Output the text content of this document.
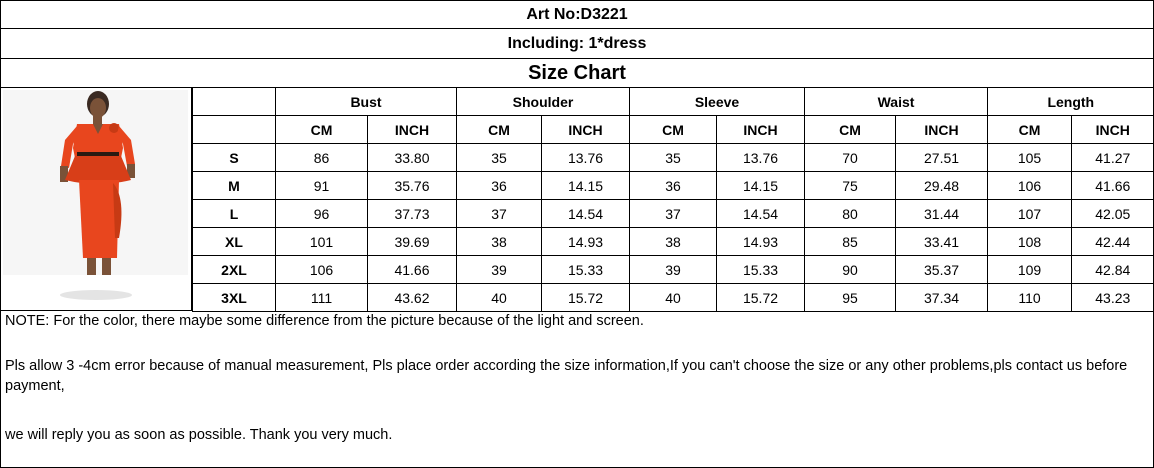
Art No:D3221
Including: 1*dress
Size Chart
	Bust		Shoulder		Sleeve		Waist		Length	
	CM	INCH	CM	INCH	CM	INCH	CM	INCH	CM	INCH
S	86	33.80	35	13.76	35	13.76	70	27.51	105	41.27
M	91	35.76	36	14.15	36	14.15	75	29.48	106	41.66
L	96	37.73	37	14.54	37	14.54	80	31.44	107	42.05
XL	101	39.69	38	14.93	38	14.93	85	33.41	108	42.44
2XL	106	41.66	39	15.33	39	15.33	90	35.37	109	42.84
3XL	111	43.62	40	15.72	40	15.72	95	37.34	110	43.23

NOTE: For the color, there maybe some difference from the picture because of the light and screen.

Pls allow 3 -4cm error because of manual measurement, Pls place order according the size information,If you can't choose the size or any other problems,pls contact us before payment,

we will reply you as soon as possible. Thank you very much.
